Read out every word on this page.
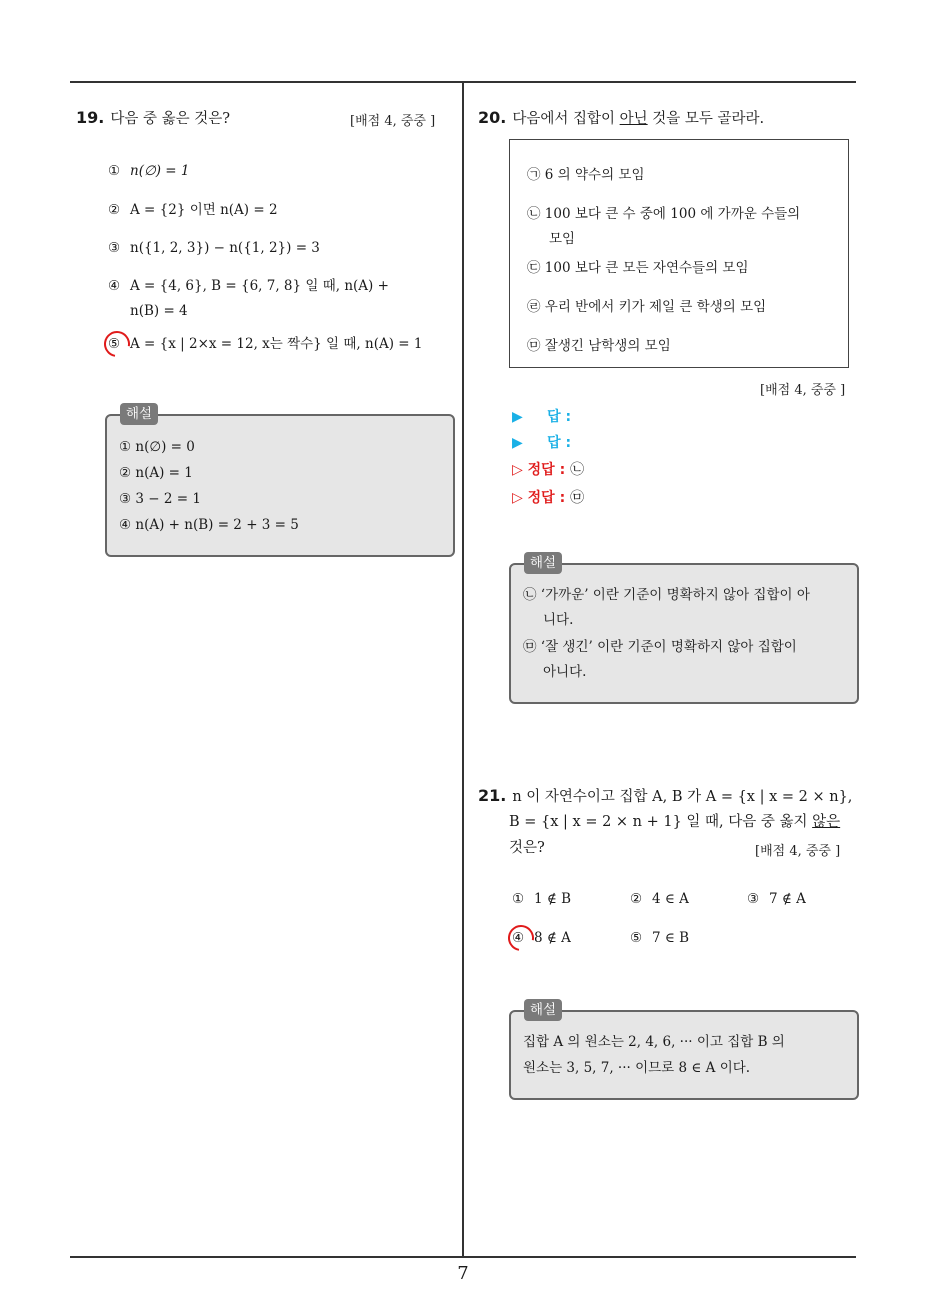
19. 다음 중 옳은 것은?	[배점 4, 중중 ]
① n(∅) = 1
② A = {2} 이면 n(A) = 2
③ n({1, 2, 3}) − n({1, 2}) = 3
④ A = {4, 6}, B = {6, 7, 8} 일 때, n(A) +
n(B) = 4
⑤ A = {x | 2×x = 12, x는 짝수} 일 때, n(A) = 1
① n(∅) = 0
② n(A) = 1
③ 3 − 2 = 1
④ n(A) + n(B) = 2 + 3 = 5
해설
20. 다음에서 집합이 아닌 것을 모두 골라라.
㉠ 6 의 약수의 모임
㉡ 100 보다 큰 수 중에 100 에 가까운 수들의
모임
㉢ 100 보다 큰 모든 자연수들의 모임
㉣ 우리 반에서 키가 제일 큰 학생의 모임
㉤ 잘생긴 남학생의 모임
[배점 4, 중중 ]
▶ 답 :
▶ 답 :
▷ 정답 : ㉡
▷ 정답 : ㉤
㉡ ‘가까운’ 이란 기준이 명확하지 않아 집합이 아
니다.
㉤ ‘잘 생긴’ 이란 기준이 명확하지 않아 집합이
아니다.
해설
21. n 이 자연수이고 집합 A, B 가 A = {x | x = 2 × n},
B = {x | x = 2 × n + 1} 일 때, 다음 중 옳지 않은
것은?	[배점 4, 중중 ]
① 1 ∉ B	② 4 ∈ A	③ 7 ∉ A
④ 8 ∉ A	⑤ 7 ∈ B
집합 A 의 원소는 2, 4, 6, ··· 이고 집합 B 의
원소는 3, 5, 7, ··· 이므로 8 ∈ A 이다.
해설
7
